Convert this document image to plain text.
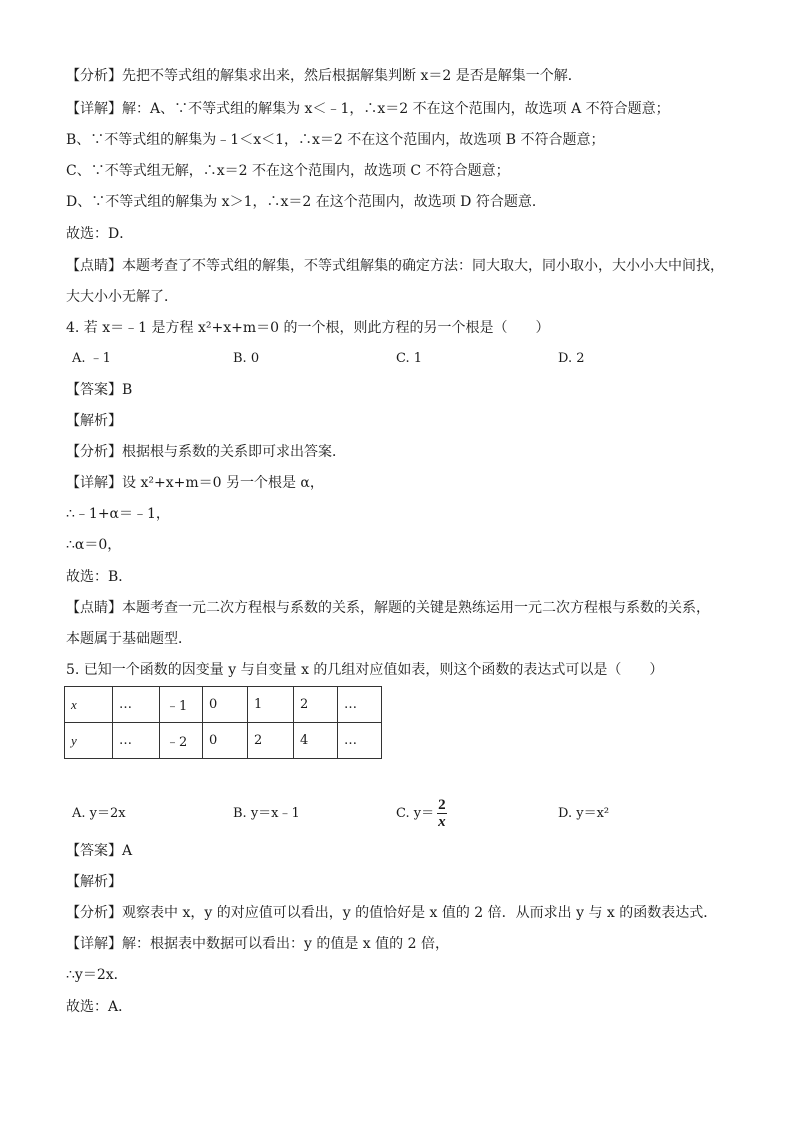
【分析】先把不等式组的解集求出来，然后根据解集判断 x＝2 是否是解集一个解．
【详解】解：A、∵不等式组的解集为 x＜﹣1，∴x＝2 不在这个范围内，故选项 A 不符合题意；
B、∵不等式组的解集为﹣1＜x＜1，∴x＝2 不在这个范围内，故选项 B 不符合题意；
C、∵不等式组无解，∴x＝2 不在这个范围内，故选项 C 不符合题意；
D、∵不等式组的解集为 x＞1，∴x＝2 在这个范围内，故选项 D 符合题意．
故选：D．
【点睛】本题考查了不等式组的解集，不等式组解集的确定方法：同大取大，同小取小，大小小大中间找，
大大小小无解了．
4. 若 x＝﹣1 是方程 x²+x+m＝0 的一个根，则此方程的另一个根是（　　）
A. ﹣1	B. 0	C. 1	D. 2
【答案】B
【解析】
【分析】根据根与系数的关系即可求出答案．
【详解】设 x²+x+m＝0 另一个根是 α，
∴﹣1+α＝﹣1，
∴α＝0，
故选：B．
【点睛】本题考查一元二次方程根与系数的关系，解题的关键是熟练运用一元二次方程根与系数的关系，
本题属于基础题型．
5. 已知一个函数的因变量 y 与自变量 x 的几组对应值如表，则这个函数的表达式可以是（　　）
x	…	﹣1	0	1	2	…
y	…	﹣2	0	2	4	…
A. y＝2x	B. y＝x﹣1	C. $y= \frac{2}{x}$	D. y＝x²
【答案】A
【解析】
【分析】观察表中 x，y 的对应值可以看出，y 的值恰好是 x 值的 2 倍．从而求出 y 与 x 的函数表达式．
【详解】解：根据表中数据可以看出：y 的值是 x 值的 2 倍，
∴y＝2x．
故选：A．
